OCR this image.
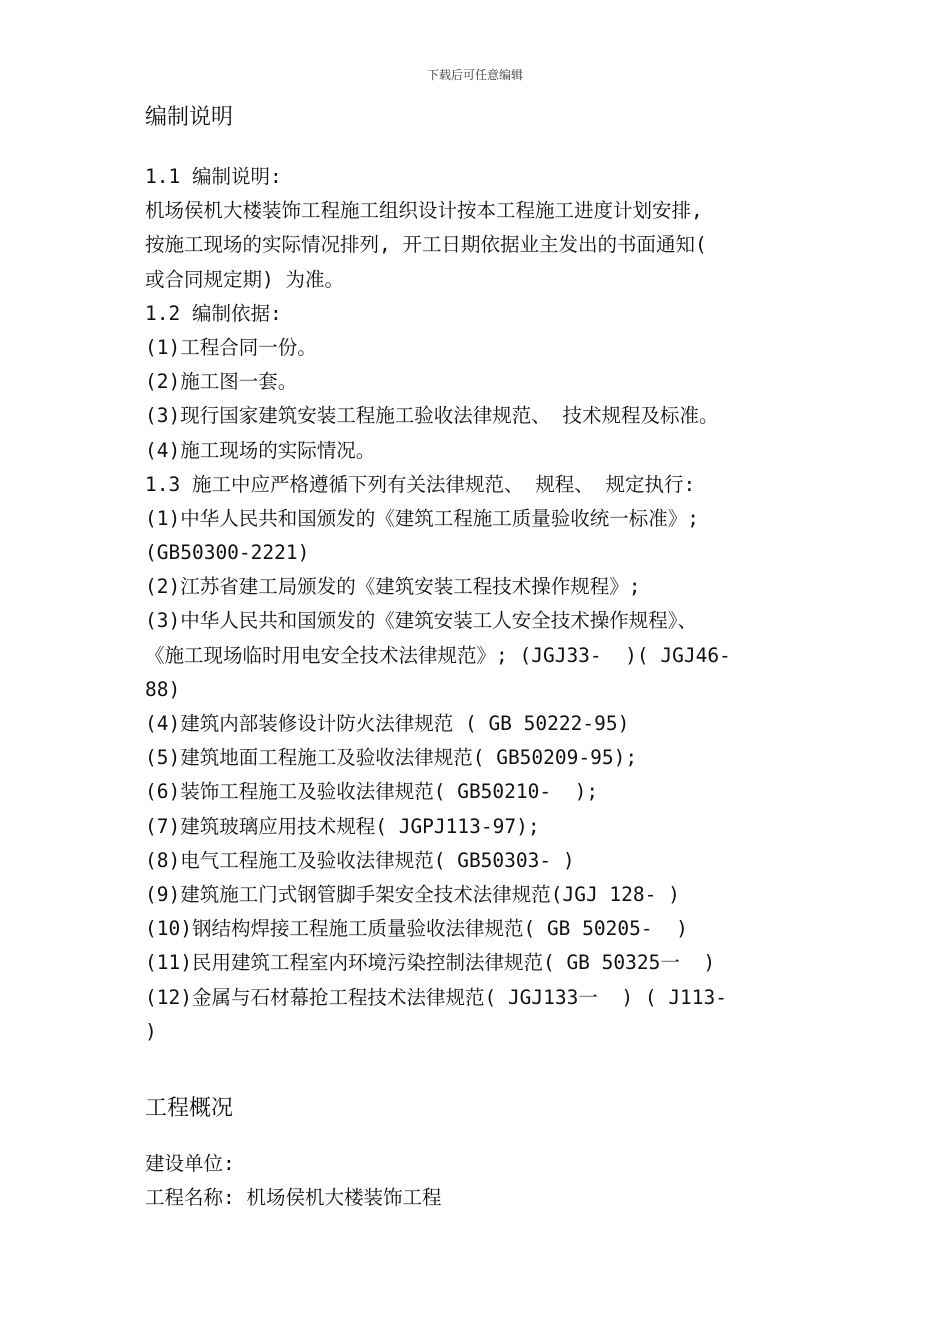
下载后可任意编辑
编制说明
1.1 编制说明:
机场侯机大楼装饰工程施工组织设计按本工程施工进度计划安排,
按施工现场的实际情况排列, 开工日期依据业主发出的书面通知(
或合同规定期) 为准。
1.2 编制依据:
(1)工程合同一份。
(2)施工图一套。
(3)现行国家建筑安装工程施工验收法律规范、 技术规程及标准。
(4)施工现场的实际情况。
1.3 施工中应严格遵循下列有关法律规范、 规程、 规定执行:
(1)中华人民共和国颁发的《建筑工程施工质量验收统一标准》;
(GB50300-2221)
(2)江苏省建工局颁发的《建筑安装工程技术操作规程》;
(3)中华人民共和国颁发的《建筑安装工人安全技术操作规程》、
《施工现场临时用电安全技术法律规范》; (JGJ33-  )( JGJ46-
88)
(4)建筑内部装修设计防火法律规范 ( GB 50222-95)
(5)建筑地面工程施工及验收法律规范( GB50209-95);
(6)装饰工程施工及验收法律规范( GB50210-  );
(7)建筑玻璃应用技术规程( JGPJ113-97);
(8)电气工程施工及验收法律规范( GB50303- )
(9)建筑施工门式钢管脚手架安全技术法律规范(JGJ 128- )
(10)钢结构焊接工程施工质量验收法律规范( GB 50205-  )
(11)民用建筑工程室内环境污染控制法律规范( GB 50325一  )
(12)金属与石材幕抢工程技术法律规范( JGJ133一  ) ( J113-
)
工程概况
建设单位:
工程名称: 机场侯机大楼装饰工程
